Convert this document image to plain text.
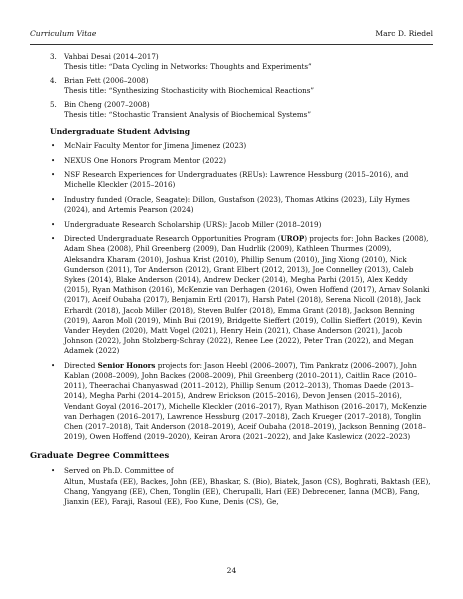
Curriculum Vitae	Marc D. Riedel
3. Vahbai Desai (2014–2017)
Thesis title: “Data Cycling in Networks: Thoughts and Experiments”
4. Brian Fett (2006–2008)
Thesis title: “Synthesizing Stochasticity with Biochemical Reactions”
5. Bin Cheng (2007–2008)
Thesis title: “Stochastic Transient Analysis of Biochemical Systems”
Undergraduate Student Advising
• McNair Faculty Mentor for Jimena Jimenez (2023)
• NEXUS One Honors Program Mentor (2022)
• NSF Research Experiences for Undergraduates (REUs): Lawrence Hessburg (2015–2016), and Michelle Kleckler (2015–2016)
• Industry funded (Oracle, Seagate): Dillon, Gustafson (2023), Thomas Atkins (2023), Lily Hymes (2024), and Artemis Pearson (2024)
• Undergraduate Research Scholarship (URS): Jacob Miller (2018–2019)
• Directed Undergraduate Research Opportunities Program (UROP) projects for: John Backes (2008), Adam Shea (2008), Phil Greenberg (2009), Dan Hudrlik (2009), Kathleen Thurmes (2009), Aleksandra Kharam (2010), Joshua Krist (2010), Phillip Senum (2010), Jing Xiong (2010), Nick Gunderson (2011), Tor Anderson (2012), Grant Elbert (2012, 2013), Joe Connelley (2013), Caleb Sykes (2014), Blake Anderson (2014), Andrew Decker (2014), Megha Parhi (2015), Alex Keddy (2015), Ryan Mathison (2016), McKenzie van Derhagen (2016), Owen Hoffend (2017), Arnav Solanki (2017), Aceif Oubaha (2017), Benjamin Ertl (2017), Harsh Patel (2018), Serena Nicoll (2018), Jack Erhardt (2018), Jacob Miller (2018), Steven Bulfer (2018), Emma Grant (2018), Jackson Benning (2019), Aaron Moll (2019), Minh Bui (2019), Bridgette Sieffert (2019), Collin Sieffert (2019), Kevin Vander Heyden (2020), Matt Vogel (2021), Henry Hein (2021), Chase Anderson (2021), Jacob Johnson (2022), John Stolzberg-Schray (2022), Renee Lee (2022), Peter Tran (2022), and Megan Adamek (2022)
• Directed Senior Honors projects for: Jason Heebl (2006–2007), Tim Pankratz (2006–2007), John Kablan (2008–2009), John Backes (2008–2009), Phil Greenberg (2010–2011), Caitlin Race (2010–2011), Theerachai Chanyaswad (2011–2012), Phillip Senum (2012–2013), Thomas Daede (2013–2014), Megha Parhi (2014–2015), Andrew Erickson (2015–2016), Devon Jensen (2015–2016), Vendant Goyal (2016–2017), Michelle Kleckler (2016–2017), Ryan Mathison (2016–2017), McKenzie van Derhagen (2016–2017), Lawrence Hessburg (2017–2018), Zach Krueger (2017–2018), Tonglin Chen (2017–2018), Tait Anderson (2018–2019), Aceif Oubaha (2018–2019), Jackson Benning (2018–2019), Owen Hoffend (2019–2020), Keiran Arora (2021–2022), and Jake Kaslewicz (2022–2023)
Graduate Degree Committees
• Served on Ph.D. Committee of
Altun, Mustafa (EE), Backes, John (EE), Bhaskar, S. (Bio), Biatek, Jason (CS), Boghrati, Baktash (EE), Chang, Yangyang (EE), Chen, Tonglin (EE), Cherupalli, Hari (EE) Debrecener, Ianna (MCB), Fang, Jianxin (EE), Faraji, Rasoul (EE), Foo Kune, Denis (CS), Ge,
24
